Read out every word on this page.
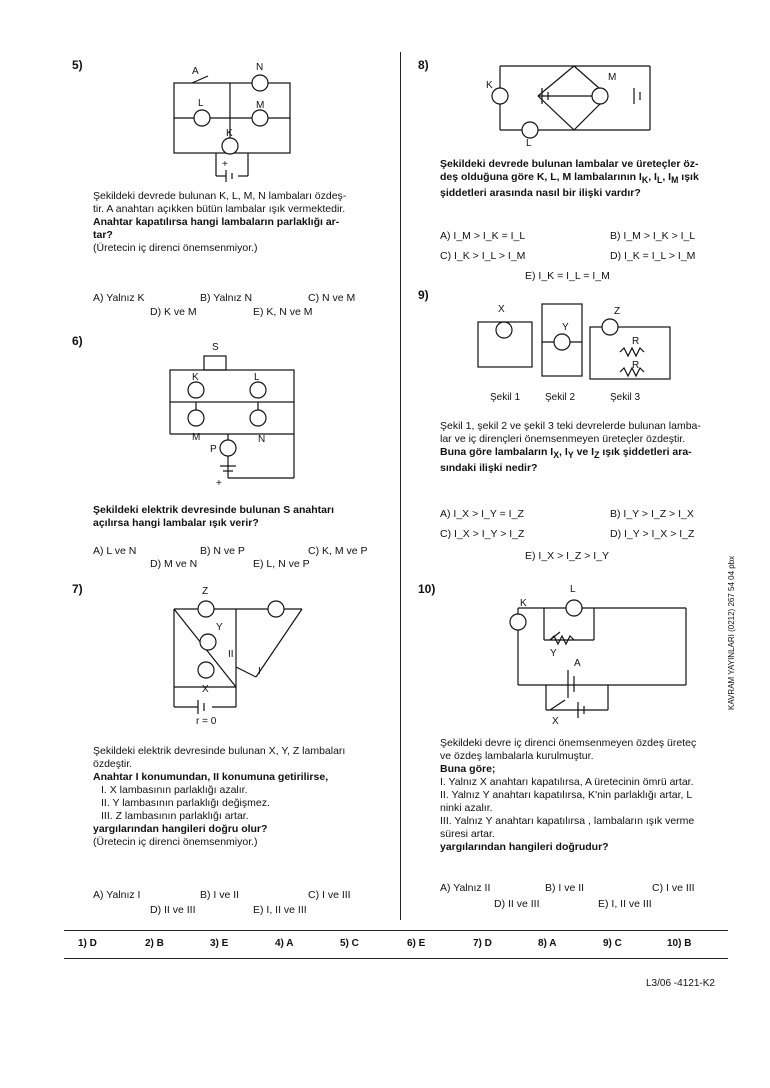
5)
+
A	N
L	M
K
Şekildeki devrede bulunan K, L, M, N lambaları özdeş-
tir. A anahtarı açıkken bütün lambalar ışık vermektedir.
Anahtar kapatılırsa hangi lambaların parlaklığı ar-
tar?
(Üretecin iç direnci önemsenmiyor.)
A) Yalnız K	B) Yalnız N	C) N ve M
D) K ve M	E) K, N ve M
6)	S
K	L
M	N
P
+
Şekildeki elektrik devresinde bulunan S anahtarı
açılırsa hangi lambalar ışık verir?
A) L ve N	B) N ve P	C) K, M ve P
D) M ve N	E) L, N ve P
7)	Z
Y
X
II
I
r = 0
Şekildeki elektrik devresinde bulunan X, Y, Z lambaları
özdeştir.
Anahtar I konumundan, II konumuna getirilirse,
I. X lambasının parlaklığı azalır.
II. Y lambasının parlaklığı değişmez.
III. Z lambasının parlaklığı artar.
yargılarından hangileri doğru olur?
(Üretecin iç direnci önemsenmiyor.)
A) Yalnız I	B) I ve II	C) I ve III
D) II ve III	E) I, II ve III
8)
K
M
L
Şekildeki devrede bulunan lambalar ve üreteçler öz-
deş olduğuna göre K, L, M lambalarının $I_K$, $I_L$, $I_M$ ışık
şiddetleri arasında nasıl bir ilişki vardır?
A) I_M > I_K = I_L	B) I_M > I_K > I_L
C) I_K > I_L > I_M	D) I_K = I_L > I_M
E) I_K = I_L = I_M
9)
X
Y
Z
R
R
Şekil 1 Şekil 2	Şekil 3
Şekil 1, şekil 2 ve şekil 3 teki devrelerde bulunan lamba-
lar ve iç dirençleri önemsenmeyen üreteçler özdeştir.
Buna göre lambaların $I_X$, $I_Y$ ve $I_Z$ ışık şiddetleri ara-
sındaki ilişki nedir?
A) I_X > I_Y = I_Z	B) I_Y > I_Z > I_X
C) I_X > I_Y > I_Z	D) I_Y > I_X > I_Z
E) I_X > I_Z > I_Y
10)	L
K
Y
A
X
Şekildeki devre iç direnci önemsenmeyen özdeş üreteç
ve özdeş lambalarla kurulmuştur.
Buna göre;
I. Yalnız X anahtarı kapatılırsa, A üretecinin ömrü artar.
II. Yalnız Y anahtarı kapatılırsa, K'nin parlaklığı artar, L
ninki azalır.
III. Yalnız Y anahtarı kapatılırsa , lambaların ışık verme
süresi artar.
yargılarından hangileri doğrudur?
A) Yalnız II	B) I ve II	C) I ve III
D) II ve III	E) I, II ve III
KAVRAM YAYINLARI (0212) 267 54 04 pbx
1) D	2) B	3) E	4) A	5) C	6) E	7) D	8) A	9) C	10) B
L3/06 -4121-K2
